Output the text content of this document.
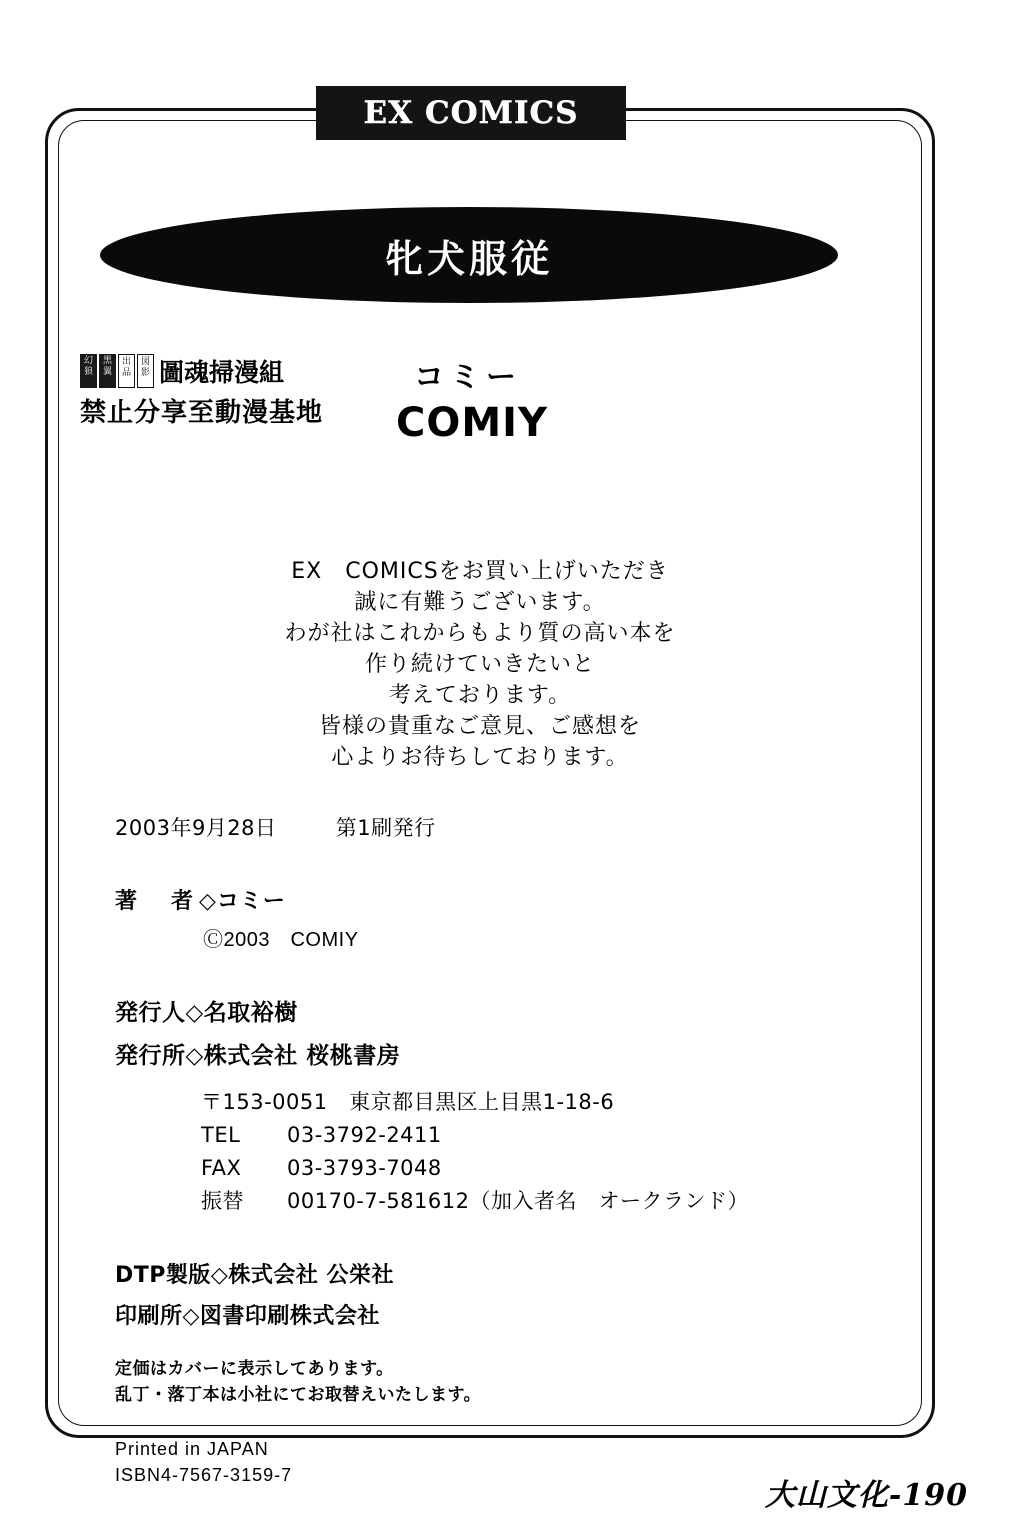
EX COMICS
牝犬服従
幻 狼
黑 翼
出 品
図 影 圖魂掃漫組
禁止分享至動漫基地
コミー
COMIY
EX　COMICSをお買い上げいただき
誠に有難うございます。
わが社はこれからもより質の高い本を
作り続けていきたいと
考えております。
皆様の貴重なご意見、ご感想を
心よりお待ちしております。
2003年9月28日	第1刷発行
著　者◇コミー
Ⓒ2003　COMIY
発行人◇名取裕樹
発行所◇株式会社 桜桃書房
〒153-0051　東京都目黒区上目黒1-18-6
TEL 03-3792-2411
FAX 03-3793-7048
振替 00170-7-581612（加入者名　オークランド）
DTP製版◇株式会社 公栄社
印刷所◇図書印刷株式会社
定価はカバーに表示してあります。
乱丁・落丁本は小社にてお取替えいたします。
Printed in JAPAN
ISBN4-7567-3159-7
大山文化-190
